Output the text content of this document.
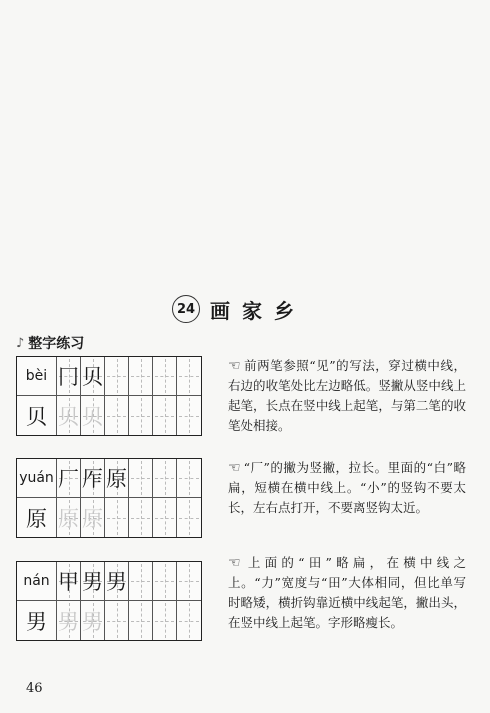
24 画家乡
♪ 整字练习
bèi 冂 贝
贝 贝 贝
☜ 前两笔参照“见”的写法，穿过横中线，右边的收笔处比左边略低。竖撇从竖中线上起笔，长点在竖中线上起笔，与第二笔的收笔处相接。
yuán 厂 厏 原
原 原 原
☜ “厂”的撇为竖撇，拉长。里面的“白”略扁，短横在横中线上。“小”的竖钩不要太长，左右点打开，不要离竖钩太近。
nán 甲 男 男
男 男 男
☜ 上面的“田”略扁，在横中线之上。“力”宽度与“田”大体相同，但比单写时略矮，横折钩靠近横中线起笔，撇出头，在竖中线上起笔。字形略瘦长。
46
